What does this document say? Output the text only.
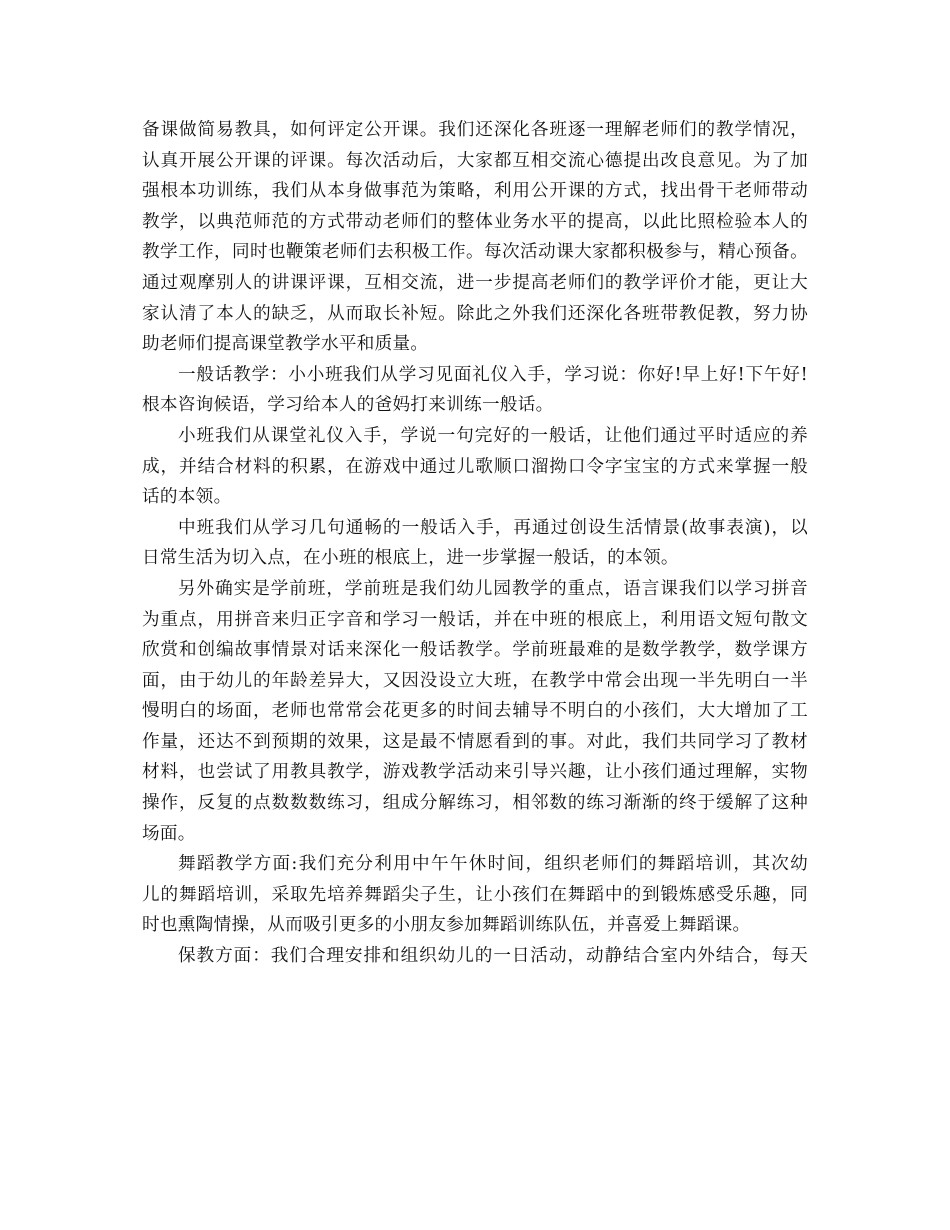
备课做简易教具，如何评定公开课。我们还深化各班逐一理解老师们的教学情况，
认真开展公开课的评课。每次活动后，大家都互相交流心德提出改良意见。为了加
强根本功训练，我们从本身做事范为策略，利用公开课的方式，找出骨干老师带动
教学，以典范师范的方式带动老师们的整体业务水平的提高，以此比照检验本人的
教学工作，同时也鞭策老师们去积极工作。每次活动课大家都积极参与，精心预备。
通过观摩别人的讲课评课，互相交流，进一步提高老师们的教学评价才能，更让大
家认清了本人的缺乏，从而取长补短。除此之外我们还深化各班带教促教，努力协
助老师们提高课堂教学水平和质量。
一般话教学：小小班我们从学习见面礼仪入手，学习说：你好!早上好!下午好!
根本咨询候语，学习给本人的爸妈打来训练一般话。
小班我们从课堂礼仪入手，学说一句完好的一般话，让他们通过平时适应的养
成，并结合材料的积累，在游戏中通过儿歌顺口溜拗口令字宝宝的方式来掌握一般
话的本领。
中班我们从学习几句通畅的一般话入手，再通过创设生活情景(故事表演)，以
日常生活为切入点，在小班的根底上，进一步掌握一般话，的本领。
另外确实是学前班，学前班是我们幼儿园教学的重点，语言课我们以学习拼音
为重点，用拼音来归正字音和学习一般话，并在中班的根底上，利用语文短句散文
欣赏和创编故事情景对话来深化一般话教学。学前班最难的是数学教学，数学课方
面，由于幼儿的年龄差异大，又因没设立大班，在教学中常会出现一半先明白一半
慢明白的场面，老师也常常会花更多的时间去辅导不明白的小孩们，大大增加了工
作量，还达不到预期的效果，这是最不情愿看到的事。对此，我们共同学习了教材
材料，也尝试了用教具教学，游戏教学活动来引导兴趣，让小孩们通过理解，实物
操作，反复的点数数数练习，组成分解练习，相邻数的练习渐渐的终于缓解了这种
场面。
舞蹈教学方面:我们充分利用中午午休时间，组织老师们的舞蹈培训，其次幼
儿的舞蹈培训，采取先培养舞蹈尖子生，让小孩们在舞蹈中的到锻炼感受乐趣，同
时也熏陶情操，从而吸引更多的小朋友参加舞蹈训练队伍，并喜爱上舞蹈课。
保教方面：我们合理安排和组织幼儿的一日活动，动静结合室内外结合，每天
